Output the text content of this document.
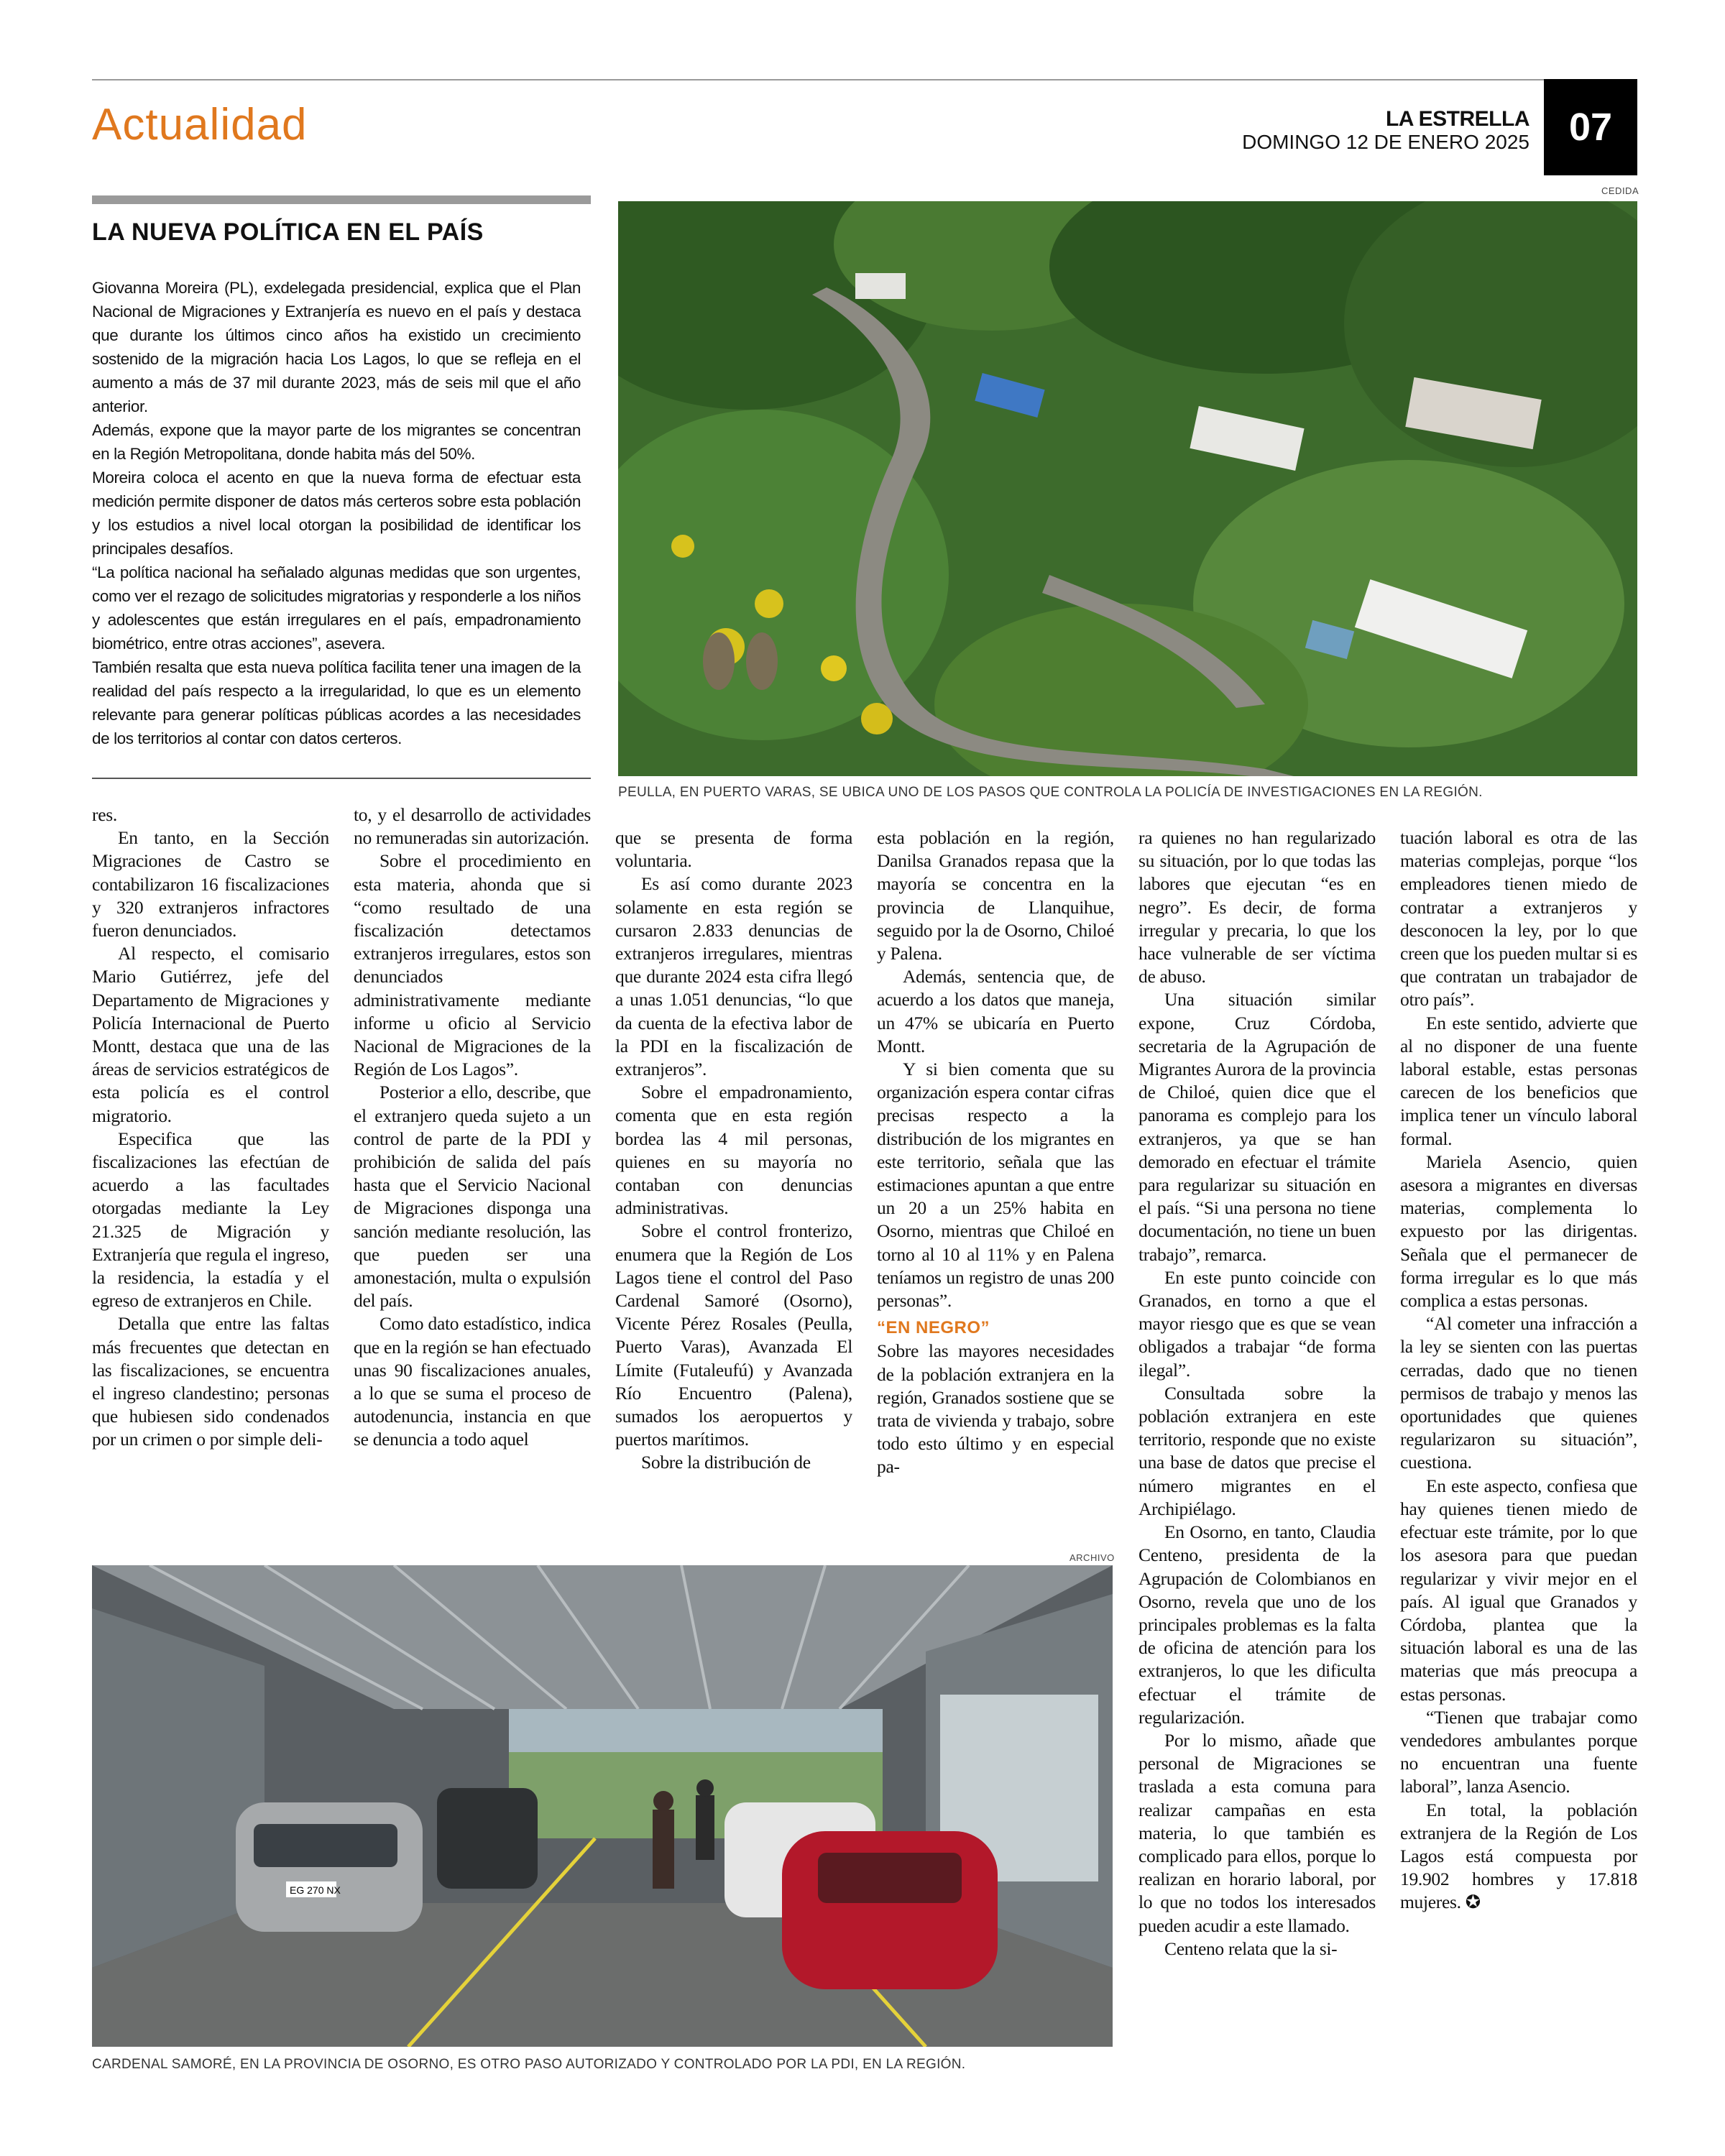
Actualidad	LA ESTRELLA
DOMINGO 12 DE ENERO 2025	07
LA NUEVA POLÍTICA EN EL PAÍS

Giovanna Moreira (PL), exdelegada presidencial, explica que el Plan Nacional de Migraciones y Extranjería es nuevo en el país y destaca que durante los últimos cinco años ha existido un crecimiento sostenido de la migración hacia Los Lagos, lo que se refleja en el aumento a más de 37 mil durante 2023, más de seis mil que el año anterior.

Además, expone que la mayor parte de los migrantes se concentran en la Región Metropolitana, donde habita más del 50%.

Moreira coloca el acento en que la nueva forma de efectuar esta medición permite disponer de datos más certeros sobre esta población y los estudios a nivel local otorgan la posibilidad de identificar los principales desafíos.

“La política nacional ha señalado algunas medidas que son urgentes, como ver el rezago de solicitudes migratorias y responderle a los niños y adolescentes que están irregulares en el país, empadronamiento biométrico, entre otras acciones”, asevera.

También resalta que esta nueva política facilita tener una imagen de la realidad del país respecto a la irregularidad, lo que es un elemento relevante para generar políticas públicas acordes a las necesidades de los territorios al contar con datos certeros.

CEDIDA
PEULLA, EN PUERTO VARAS, SE UBICA UNO DE LOS PASOS QUE CONTROLA LA POLICÍA DE INVESTIGACIONES EN LA REGIÓN.

res.

En tanto, en la Sección Migraciones de Castro se contabilizaron 16 fiscalizaciones y 320 extranjeros infractores fueron denunciados.

Al respecto, el comisario Mario Gutiérrez, jefe del Departamento de Migraciones y Policía Internacional de Puerto Montt, destaca que una de las áreas de servicios estratégicos de esta policía es el control migratorio.

Especifica que las fiscalizaciones las efectúan de acuerdo a las facultades otorgadas mediante la Ley 21.325 de Migración y Extranjería que regula el ingreso, la residencia, la estadía y el egreso de extranjeros en Chile.

Detalla que entre las faltas más frecuentes que detectan en las fiscalizaciones, se encuentra el ingreso clandestino; personas que hubiesen sido condenados por un crimen o por simple deli-

to, y el desarrollo de actividades no remuneradas sin autorización.

Sobre el procedimiento en esta materia, ahonda que si “como resultado de una fiscalización detectamos extranjeros irregulares, estos son denunciados administrativamente mediante informe u oficio al Servicio Nacional de Migraciones de la Región de Los Lagos”.

Posterior a ello, describe, que el extranjero queda sujeto a un control de parte de la PDI y prohibición de salida del país hasta que el Servicio Nacional de Migraciones disponga una sanción mediante resolución, las que pueden ser una amonestación, multa o expulsión del país.

Como dato estadístico, indica que en la región se han efectuado unas 90 fiscalizaciones anuales, a lo que se suma el proceso de autodenuncia, instancia en que se denuncia a todo aquel

que se presenta de forma voluntaria.

Es así como durante 2023 solamente en esta región se cursaron 2.833 denuncias de extranjeros irregulares, mientras que durante 2024 esta cifra llegó a unas 1.051 denuncias, “lo que da cuenta de la efectiva labor de la PDI en la fiscalización de extranjeros”.

Sobre el empadronamiento, comenta que en esta región bordea las 4 mil personas, quienes en su mayoría no contaban con denuncias administrativas.

Sobre el control fronterizo, enumera que la Región de Los Lagos tiene el control del Paso Cardenal Samoré (Osorno), Vicente Pérez Rosales (Peulla, Puerto Varas), Avanzada El Límite (Futaleufú) y Avanzada Río Encuentro (Palena), sumados los aeropuertos y puertos marítimos.

Sobre la distribución de

esta población en la región, Danilsa Granados repasa que la mayoría se concentra en la provincia de Llanquihue, seguido por la de Osorno, Chiloé y Palena.

Además, sentencia que, de acuerdo a los datos que maneja, un 47% se ubicaría en Puerto Montt.

Y si bien comenta que su organización espera contar cifras precisas respecto a la distribución de los migrantes en este territorio, señala que las estimaciones apuntan a que entre un 20 a un 25% habita en Osorno, mientras que Chiloé en torno al 10 al 11% y en Palena teníamos un registro de unas 200 personas”.

“EN NEGRO”

Sobre las mayores necesidades de la población extranjera en la región, Granados sostiene que se trata de vivienda y trabajo, sobre todo esto último y en especial pa-

ra quienes no han regularizado su situación, por lo que todas las labores que ejecutan “es en negro”. Es decir, de forma irregular y precaria, lo que los hace vulnerable de ser víctima de abuso.

Una situación similar expone, Cruz Córdoba, secretaria de la Agrupación de Migrantes Aurora de la provincia de Chiloé, quien dice que el panorama es complejo para los extranjeros, ya que se han demorado en efectuar el trámite para regularizar su situación en el país. “Si una persona no tiene documentación, no tiene un buen trabajo”, remarca.

En este punto coincide con Granados, en torno a que el mayor riesgo que es que se vean obligados a trabajar “de forma ilegal”.

Consultada sobre la población extranjera en este territorio, responde que no existe una base de datos que precise el número migrantes en el Archipiélago.

En Osorno, en tanto, Claudia Centeno, presidenta de la Agrupación de Colombianos en Osorno, revela que uno de los principales problemas es la falta de oficina de atención para los extranjeros, lo que les dificulta efectuar el trámite de regularización.

Por lo mismo, añade que personal de Migraciones se traslada a esta comuna para realizar campañas en esta materia, lo que también es complicado para ellos, porque lo realizan en horario laboral, por lo que no todos los interesados pueden acudir a este llamado.

Centeno relata que la si-

tuación laboral es otra de las materias complejas, porque “los empleadores tienen miedo de contratar a extranjeros y desconocen la ley, por lo que creen que los pueden multar si es que contratan un trabajador de otro país”.

En este sentido, advierte que al no disponer de una fuente laboral estable, estas personas carecen de los beneficios que implica tener un vínculo laboral formal.

Mariela Asencio, quien asesora a migrantes en diversas materias, complementa lo expuesto por las dirigentas. Señala que el permanecer de forma irregular es lo que más complica a estas personas.

“Al cometer una infracción a la ley se sienten con las puertas cerradas, dado que no tienen permisos de trabajo y menos las oportunidades que quienes regularizaron su situación”, cuestiona.

En este aspecto, confiesa que hay quienes tienen miedo de efectuar este trámite, por lo que los asesora para que puedan regularizar y vivir mejor en el país. Al igual que Granados y Córdoba, plantea que la situación laboral es una de las materias que más preocupa a estas personas.

“Tienen que trabajar como vendedores ambulantes porque no encuentran una fuente laboral”, lanza Asencio.

En total, la población extranjera de la Región de Los Lagos está compuesta por 19.902 hombres y 17.818 mujeres. ✪

ARCHIVO
EG 270 NX
CARDENAL SAMORÉ, EN LA PROVINCIA DE OSORNO, ES OTRO PASO AUTORIZADO Y CONTROLADO POR LA PDI, EN LA REGIÓN.
